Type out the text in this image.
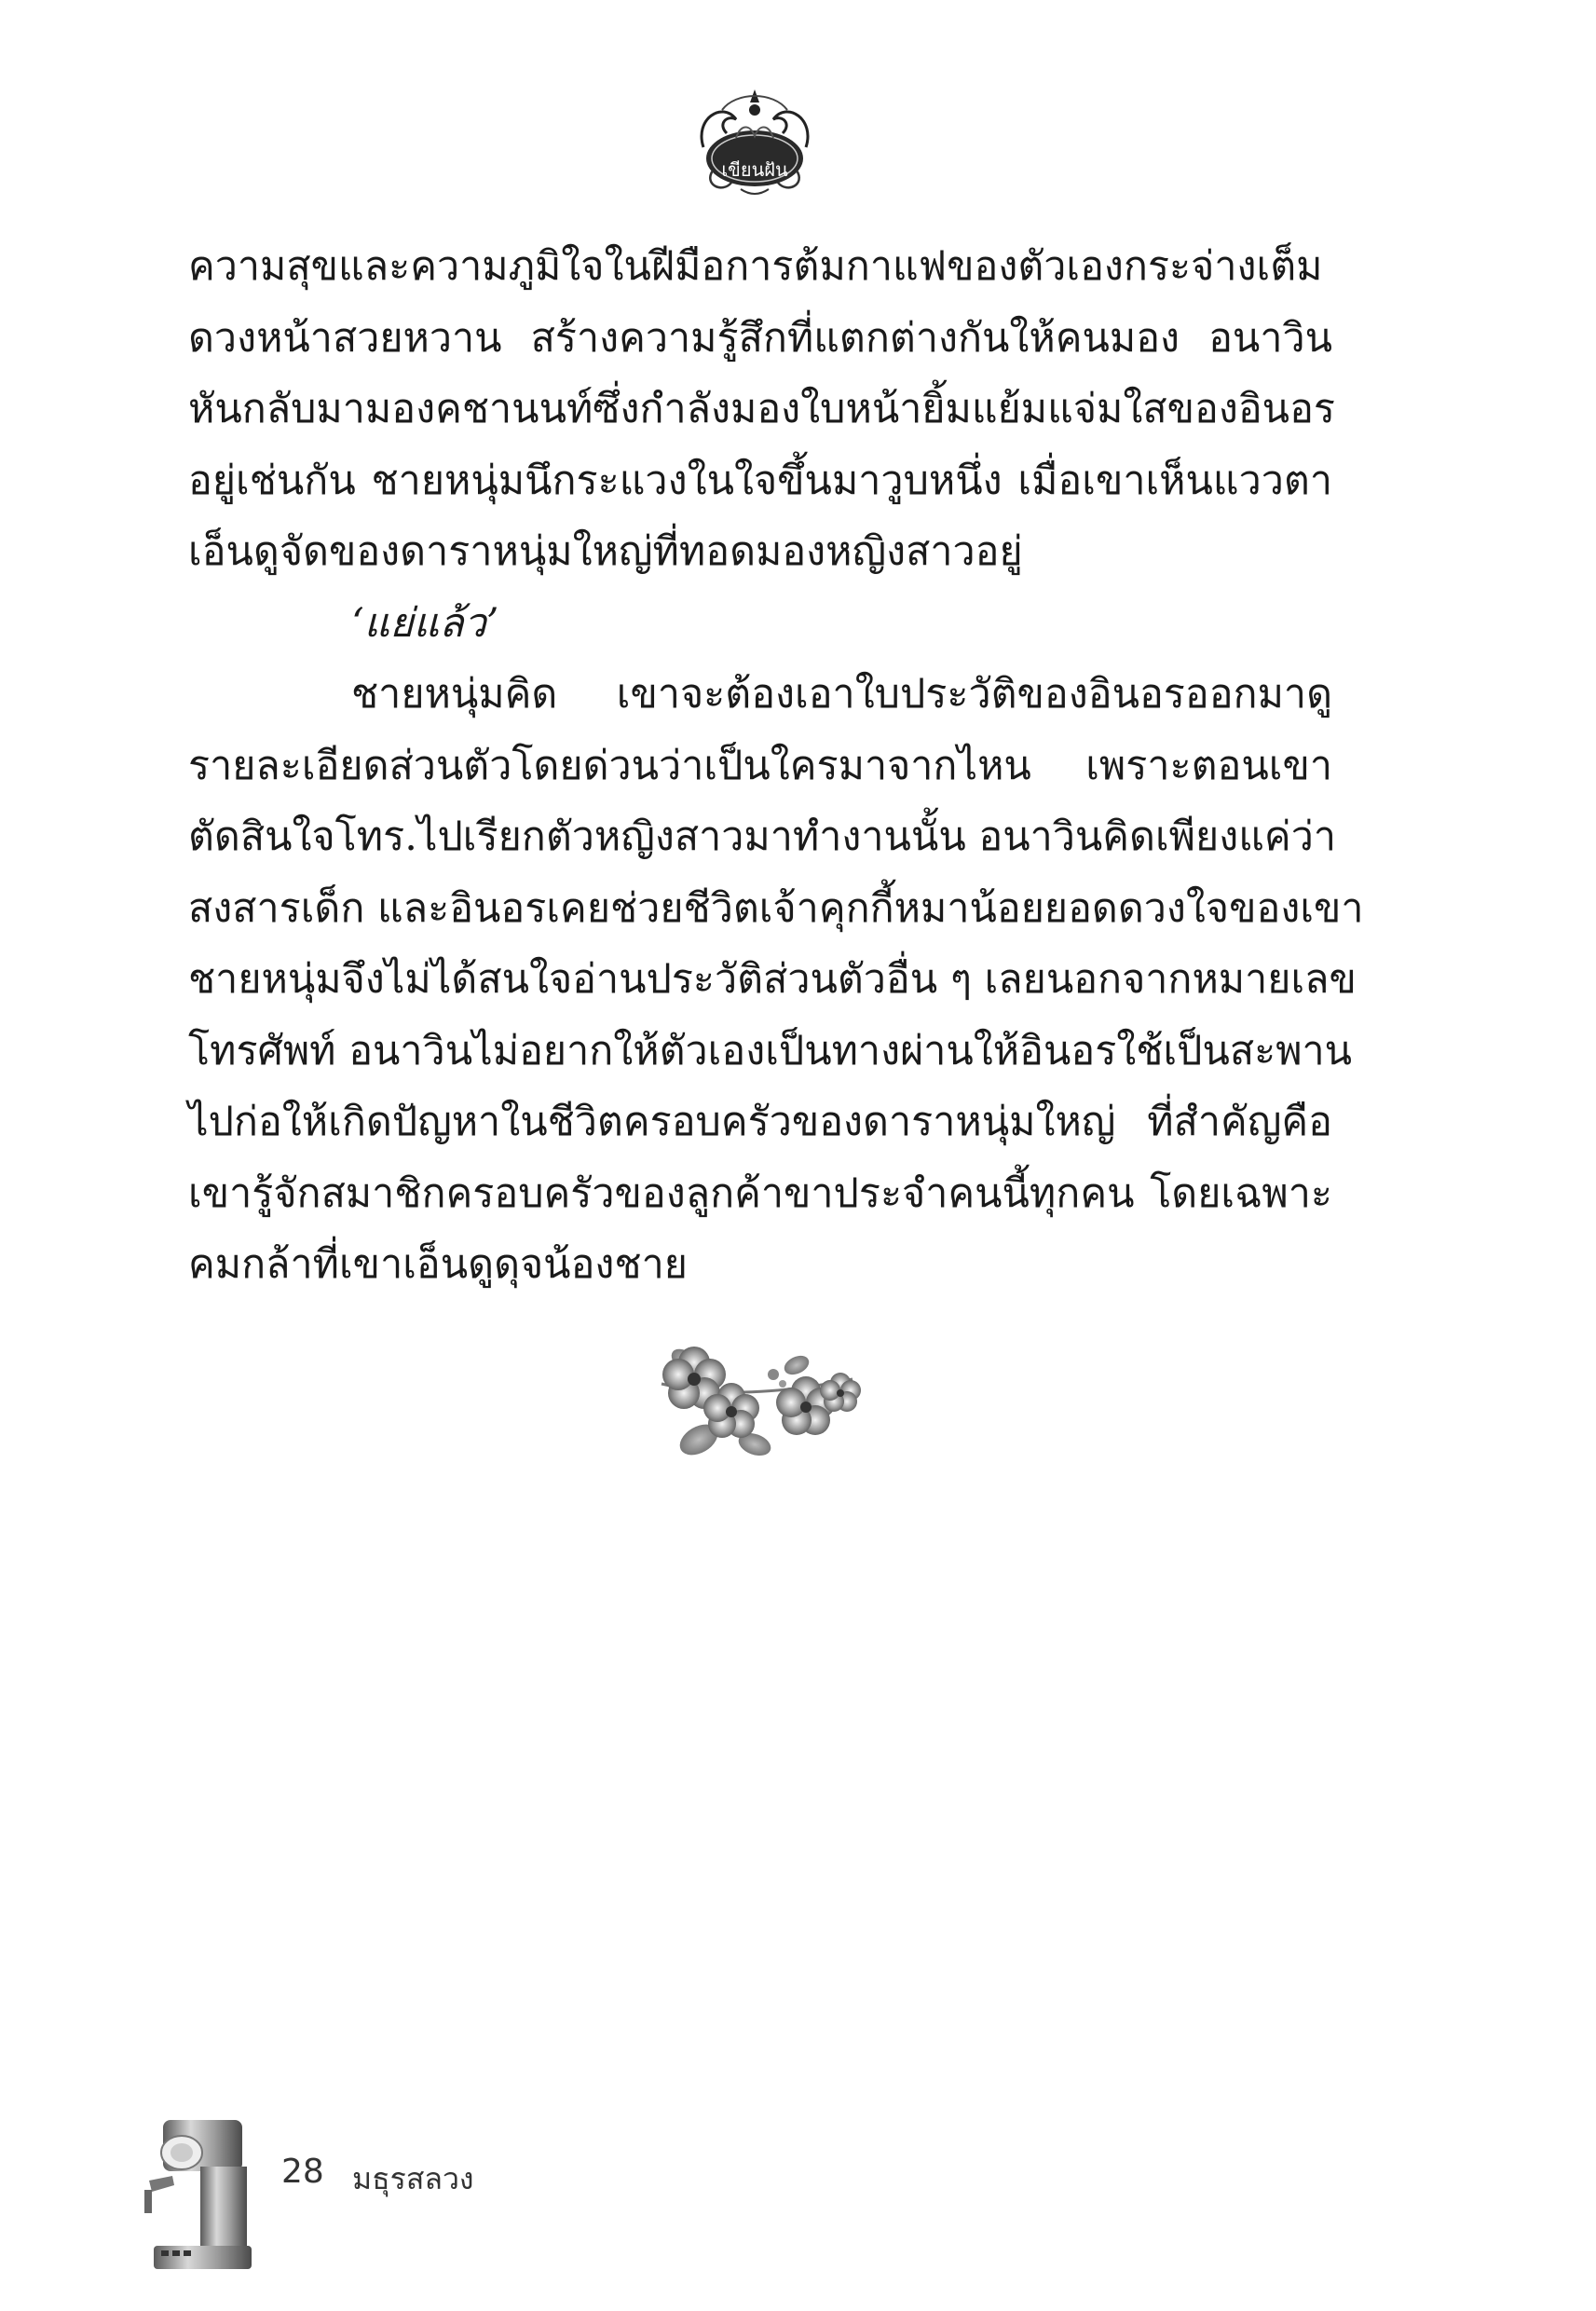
เขียนฝัน
ความสุขและความภูมิใจในฝีมือการต้มกาแฟของตัวเองกระจ่างเต็ม
ดวงหน้าสวยหวาน สร้างความรู้สึกที่แตกต่างกันให้คนมอง อนาวิน
หันกลับมามองคชานนท์ซึ่งกำลังมองใบหน้ายิ้มแย้มแจ่มใสของอินอร
อยู่เช่นกัน ชายหนุ่มนึกระแวงในใจขึ้นมาวูบหนึ่ง เมื่อเขาเห็นแววตา
เอ็นดูจัดของดาราหนุ่มใหญ่ที่ทอดมองหญิงสาวอยู่
‘แย่แล้ว’
ชายหนุ่มคิด เขาจะต้องเอาใบประวัติของอินอรออกมาดู
รายละเอียดส่วนตัวโดยด่วนว่าเป็นใครมาจากไหน เพราะตอนเขา
ตัดสินใจโทร.ไปเรียกตัวหญิงสาวมาทำงานนั้น อนาวินคิดเพียงแค่ว่า
สงสารเด็ก และอินอรเคยช่วยชีวิตเจ้าคุกกี้หมาน้อยยอดดวงใจของเขา
ชายหนุ่มจึงไม่ได้สนใจอ่านประวัติส่วนตัวอื่น ๆ เลยนอกจากหมายเลข
โทรศัพท์ อนาวินไม่อยากให้ตัวเองเป็นทางผ่านให้อินอรใช้เป็นสะพาน
ไปก่อให้เกิดปัญหาในชีวิตครอบครัวของดาราหนุ่มใหญ่ ที่สำคัญคือ
เขารู้จักสมาชิกครอบครัวของลูกค้าขาประจำคนนี้ทุกคน โดยเฉพาะ
คมกล้าที่เขาเอ็นดูดุจน้องชาย
28 มธุรสลวง
